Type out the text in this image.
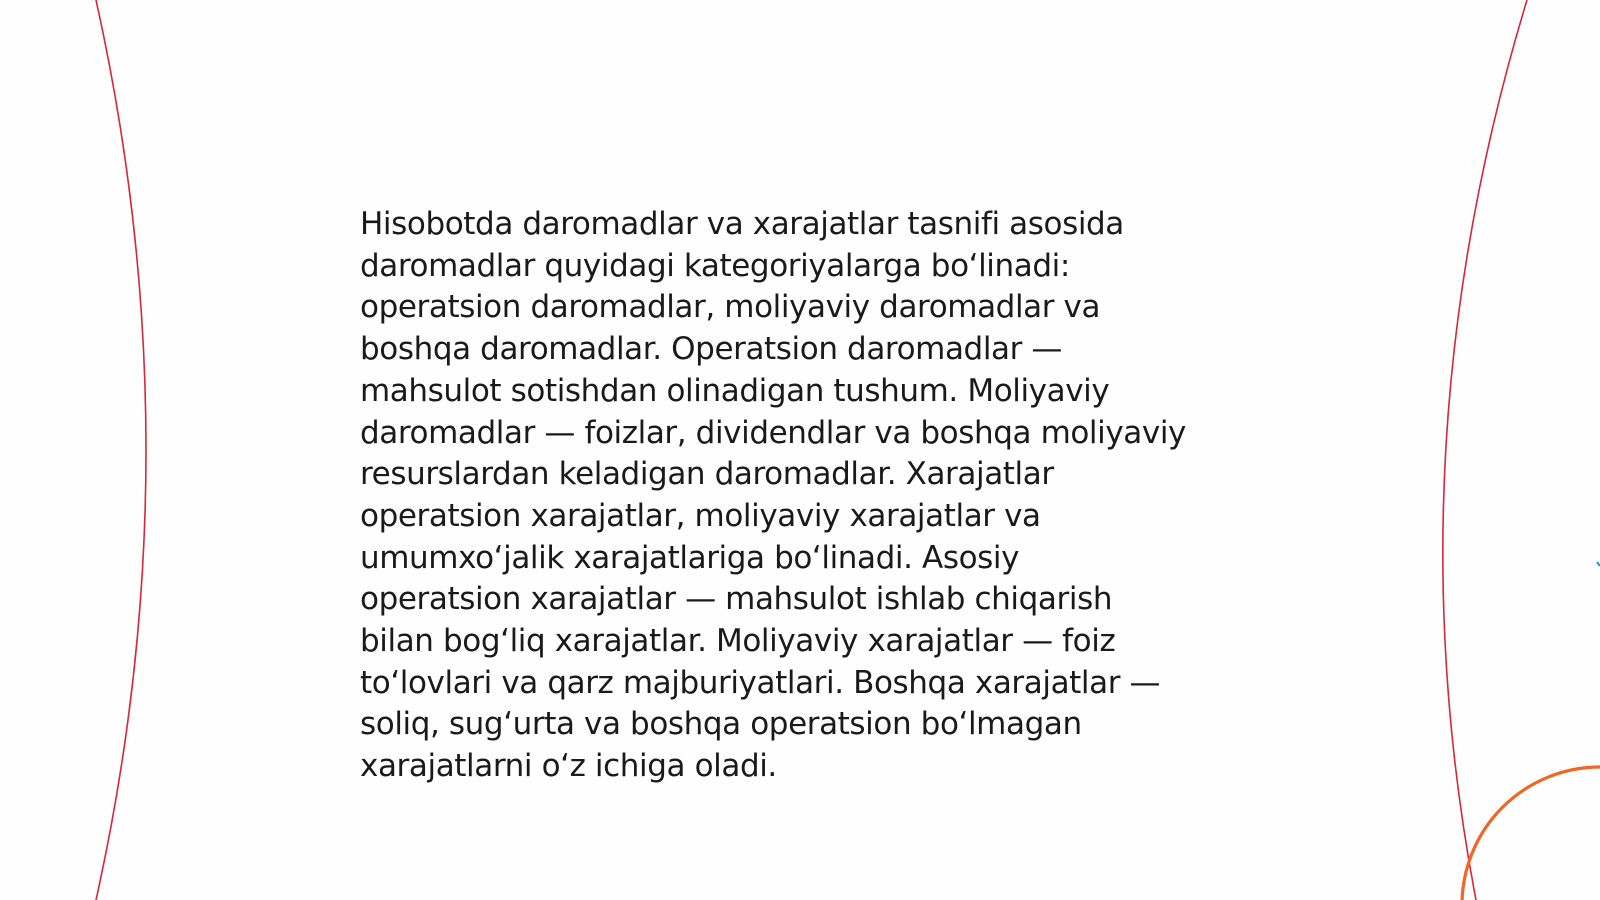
Hisobotda daromadlar va xarajatlar tasnifi asosida
daromadlar quyidagi kategoriyalarga boʻlinadi:
operatsion daromadlar, moliyaviy daromadlar va
boshqa daromadlar. Operatsion daromadlar —
mahsulot sotishdan olinadigan tushum. Moliyaviy
daromadlar — foizlar, dividendlar va boshqa moliyaviy
resurslardan keladigan daromadlar. Xarajatlar
operatsion xarajatlar, moliyaviy xarajatlar va
umumxoʻjalik xarajatlariga boʻlinadi. Asosiy
operatsion xarajatlar — mahsulot ishlab chiqarish
bilan bogʻliq xarajatlar. Moliyaviy xarajatlar — foiz
toʻlovlari va qarz majburiyatlari. Boshqa xarajatlar —
soliq, sugʻurta va boshqa operatsion boʻlmagan
xarajatlarni oʻz ichiga oladi.
